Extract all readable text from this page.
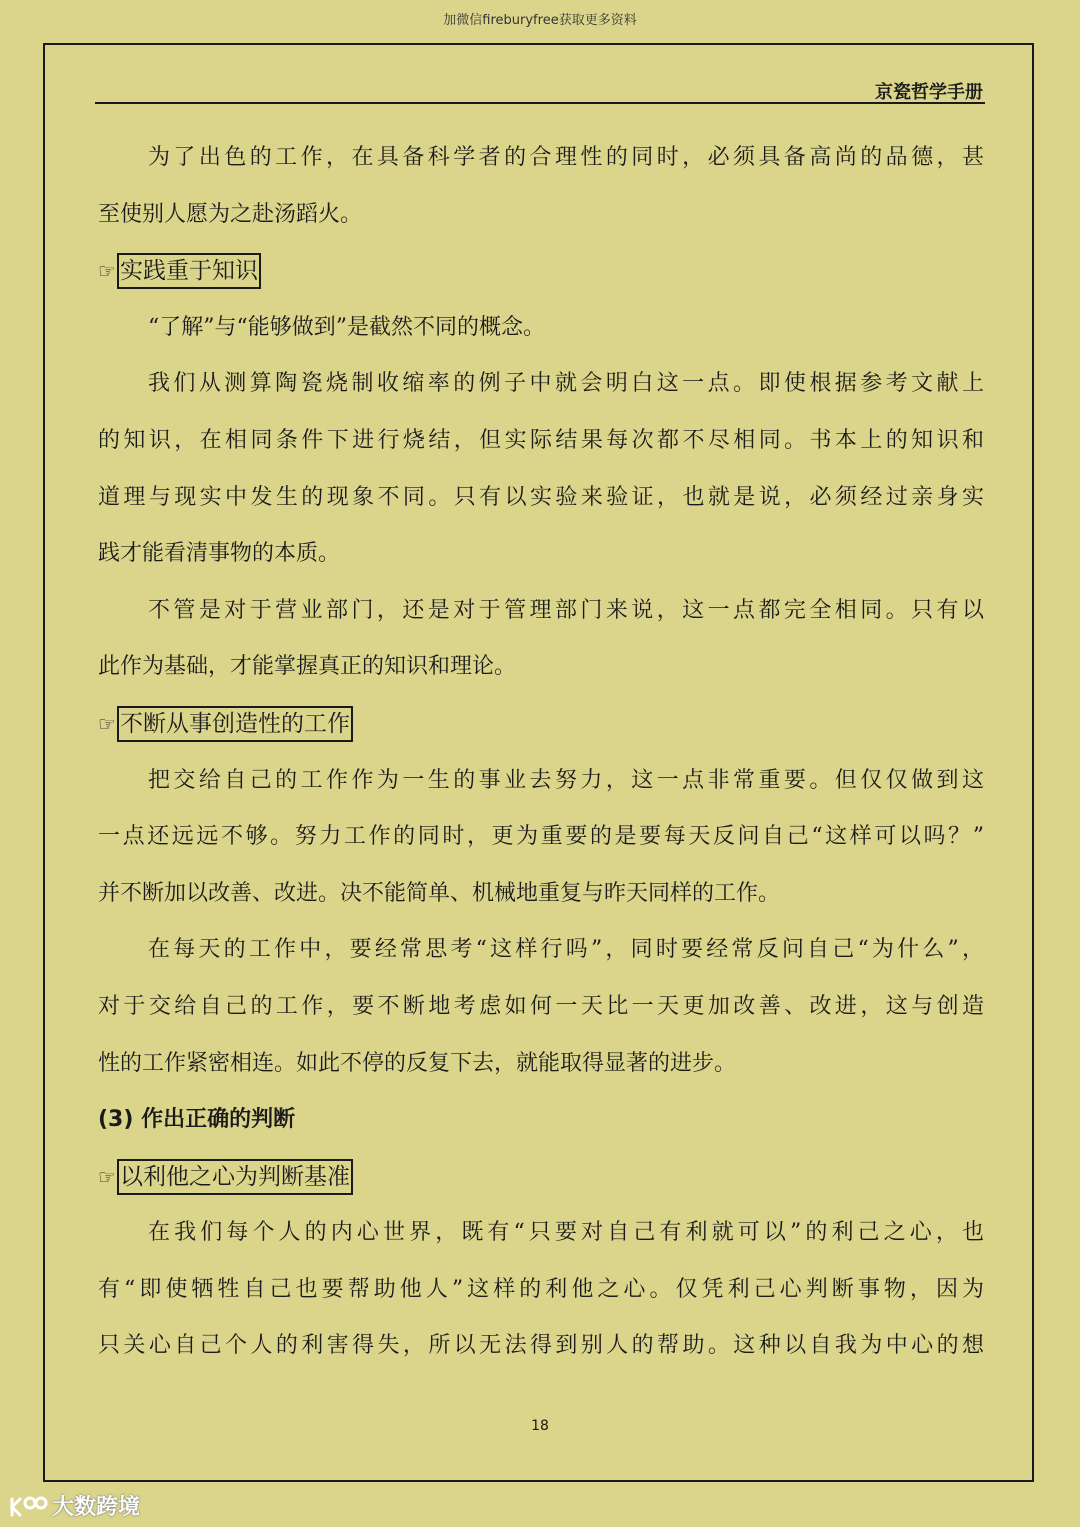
加微信fireburyfree获取更多资料
京瓷哲学手册
为了出色的工作，在具备科学者的合理性的同时，必须具备高尚的品德，甚
至使别人愿为之赴汤蹈火。
☞ 实践重于知识
“了解”与“能够做到”是截然不同的概念。
我们从测算陶瓷烧制收缩率的例子中就会明白这一点。即使根据参考文献上
的知识，在相同条件下进行烧结，但实际结果每次都不尽相同。书本上的知识和
道理与现实中发生的现象不同。只有以实验来验证，也就是说，必须经过亲身实
践才能看清事物的本质。
不管是对于营业部门，还是对于管理部门来说，这一点都完全相同。只有以
此作为基础，才能掌握真正的知识和理论。
☞ 不断从事创造性的工作
把交给自己的工作作为一生的事业去努力，这一点非常重要。但仅仅做到这
一点还远远不够。努力工作的同时，更为重要的是要每天反问自己“这样可以吗？”
并不断加以改善、改进。决不能简单、机械地重复与昨天同样的工作。
在每天的工作中，要经常思考“这样行吗”，同时要经常反问自己“为什么”，
对于交给自己的工作，要不断地考虑如何一天比一天更加改善、改进，这与创造
性的工作紧密相连。如此不停的反复下去，就能取得显著的进步。
(3) 作出正确的判断
☞ 以利他之心为判断基准
在我们每个人的内心世界，既有“只要对自己有利就可以”的利己之心，也
有“即使牺牲自己也要帮助他人”这样的利他之心。仅凭利己心判断事物，因为
只关心自己个人的利害得失，所以无法得到别人的帮助。这种以自我为中心的想
18
大数跨境
